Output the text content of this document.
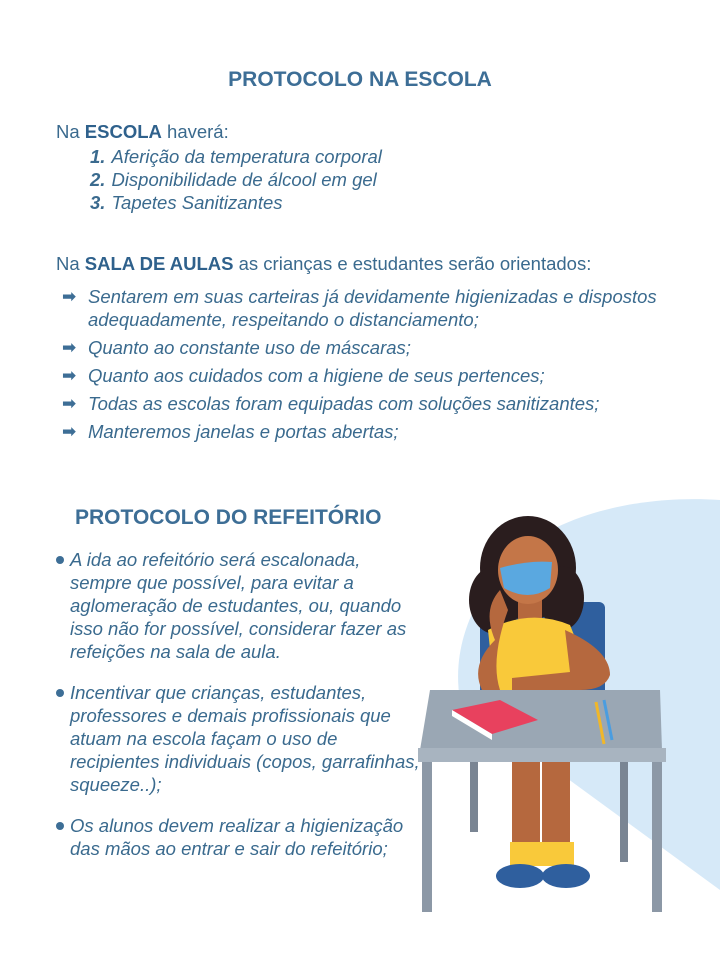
PROTOCOLO NA ESCOLA
Na ESCOLA haverá:
1. Aferição da temperatura corporal
2. Disponibilidade de álcool em gel
3. Tapetes Sanitizantes
Na SALA DE AULAS as crianças e estudantes serão orientados:
➡ Sentarem em suas carteiras já devidamente higienizadas e dispostos adequadamente, respeitando o distanciamento;
➡ Quanto ao constante uso de máscaras;
➡ Quanto aos cuidados com a higiene de seus pertences;
➡ Todas as escolas foram equipadas com soluções sanitizantes;
➡ Manteremos janelas e portas abertas;
PROTOCOLO DO REFEITÓRIO
A ida ao refeitório será escalonada, sempre que possível, para evitar a aglomeração de estudantes, ou, quando isso não for possível, considerar fazer as refeições na sala de aula.
Incentivar que crianças, estudantes, professores e demais profissionais que atuam na escola façam o uso de recipientes individuais (copos, garrafinhas, squeeze..);
Os alunos devem realizar a higienização das mãos ao entrar e sair do refeitório;
